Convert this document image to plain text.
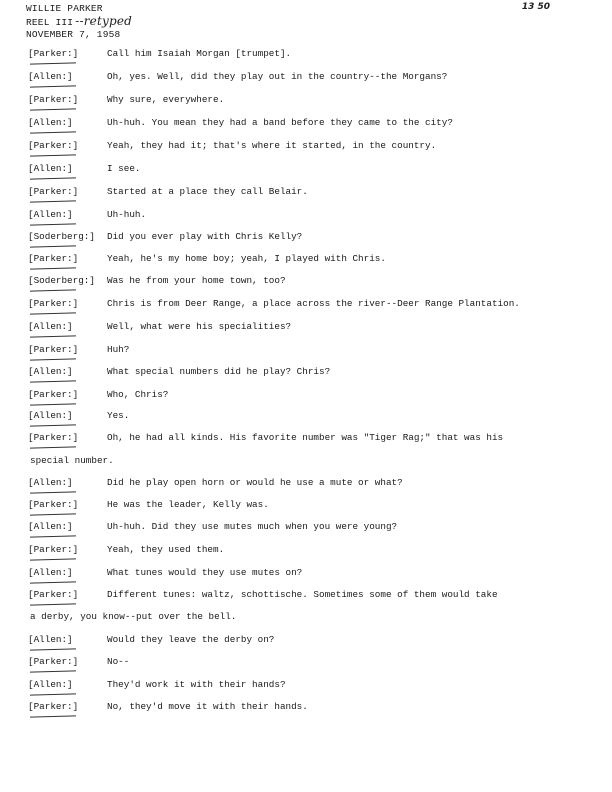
WILLIE PARKER
REEL III --retyped
NOVEMBER 7, 1958
13 50
[Parker:]	Call him Isaiah Morgan [trumpet].
[Allen:]	Oh, yes. Well, did they play out in the country--the Morgans?
[Parker:]	Why sure, everywhere.
[Allen:]	Uh-huh. You mean they had a band before they came to the city?
[Parker:]	Yeah, they had it; that's where it started, in the country.
[Allen:]	I see.
[Parker:]	Started at a place they call Belair.
[Allen:]	Uh-huh.
[Soderberg:] Did you ever play with Chris Kelly?
[Parker:]	Yeah, he's my home boy; yeah, I played with Chris.
[Soderberg:] Was he from your home town, too?
[Parker:]	Chris is from Deer Range, a place across the river--Deer Range Plantation.
[Allen:]	Well, what were his specialities?
[Parker:]	Huh?
[Allen:]	What special numbers did he play? Chris?
[Parker:]	Who, Chris?
[Allen:]	Yes.
[Parker:]	Oh, he had all kinds. His favorite number was "Tiger Rag;" that was his
special number.
[Allen:]	Did he play open horn or would he use a mute or what?
[Parker:]	He was the leader, Kelly was.
[Allen:]	Uh-huh. Did they use mutes much when you were young?
[Parker:]	Yeah, they used them.
[Allen:]	What tunes would they use mutes on?
[Parker:]	Different tunes: waltz, schottische. Sometimes some of them would take
a derby, you know--put over the bell.
[Allen:]	Would they leave the derby on?
[Parker:]	No--
[Allen:]	They'd work it with their hands?
[Parker:]	No, they'd move it with their hands.
